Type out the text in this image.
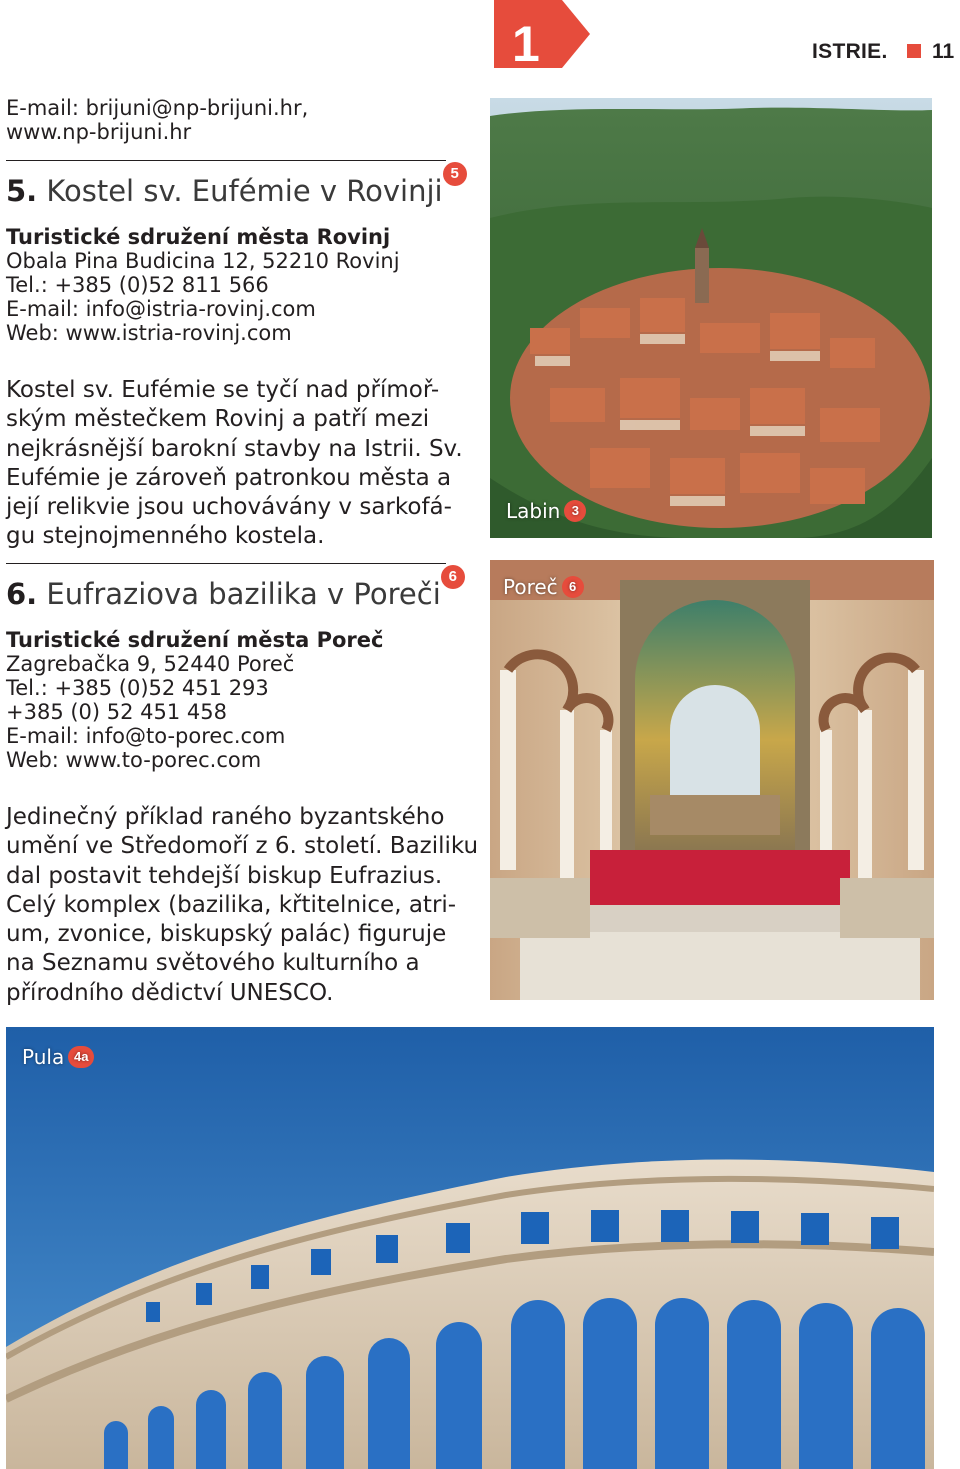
1	ISTRIE. 11
E-mail: brijuni@np-brijuni.hr,
www.np-brijuni.hr
5. Kostel sv. Eufémie v Rovinji5
Turistické sdružení města Rovinj
Obala Pina Budicina 12, 52210 Rovinj
Tel.: +385 (0)52 811 566
E-mail: info@istria-rovinj.com
Web: www.istria-rovinj.com
Kostel sv. Eufémie se tyčí nad přímoř-
ským městečkem Rovinj a patří mezi
nejkrásnější barokní stavby na Istrii. Sv.
Eufémie je zároveň patronkou města a
její relikvie jsou uchovávány v sarkofá-
gu stejnojmenného kostela.
6. Eufraziova bazilika v Poreči6
Turistické sdružení města Poreč
Zagrebačka 9, 52440 Poreč
Tel.: +385 (0)52 451 293
+385 (0) 52 451 458
E-mail: info@to-porec.com
Web: www.to-porec.com
Jedinečný příklad raného byzantského
umění ve Středomoří z 6. století. Baziliku
dal postavit tehdejší biskup Eufrazius.
Celý komplex (bazilika, křtitelnice, atri-
um, zvonice, biskupský palác) figuruje
na Seznamu světového kulturního a
přírodního dědictví UNESCO.
Labin 3
Poreč 6
Pula 4a
